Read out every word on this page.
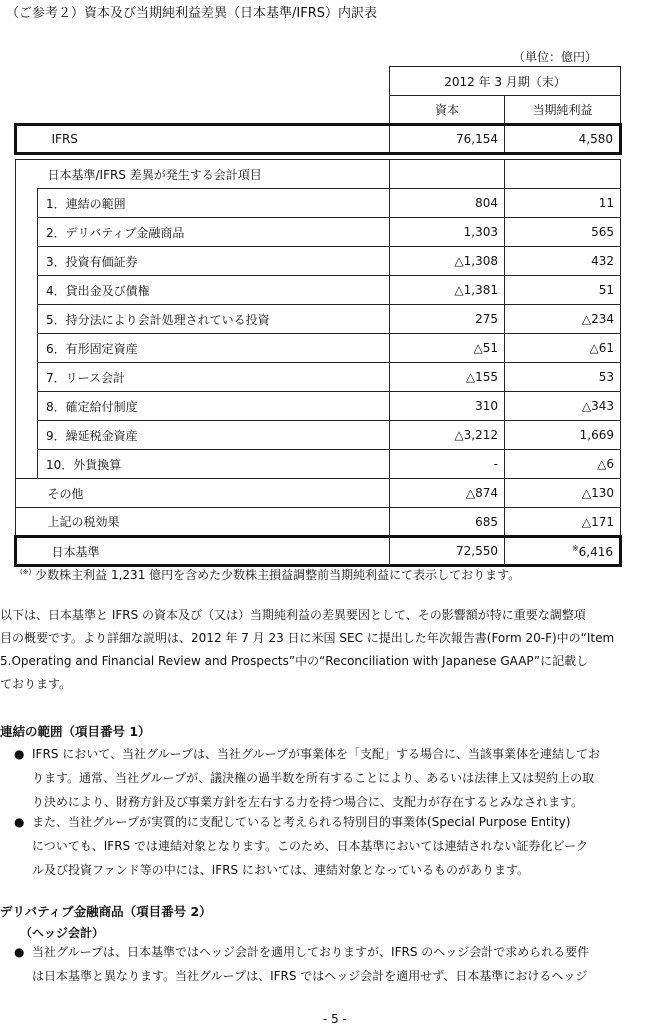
（ご参考２）資本及び当期純利益差異（日本基準/IFRS）内訳表
（単位：億円）
		2012 年 3 月期（末）	
		資本	当期純利益
	IFRS	76,154	4,580

	日本基準/IFRS 差異が発生する会計項目		
	1．連結の範囲	804	11
	2．デリバティブ金融商品	1,303	565
	3．投資有価証券	△1,308	432
	4．貸出金及び債権	△1,381	51
	5．持分法により会計処理されている投資	275	△234
	6．有形固定資産	△51	△61
	7．リース会計	△155	53
	8．確定給付制度	310	△343
	9．繰延税金資産	△3,212	1,669
	10．外貨換算	-	△6
	その他	△874	△130
	上記の税効果	685	△171
	日本基準	72,550	※6,416
(※) 少数株主利益 1,231 億円を含めた少数株主損益調整前当期純利益にて表示しております。
以下は、日本基準と IFRS の資本及び（又は）当期純利益の差異要因として、その影響額が特に重要な調整項
目の概要です。より詳細な説明は、2012 年 7 月 23 日に米国 SEC に提出した年次報告書(Form 20-F)中の“Item
5.Operating and Financial Review and Prospects”中の“Reconciliation with Japanese GAAP”に記載し
ております。
連結の範囲（項目番号 1）
● IFRS において、当社グループは、当社グループが事業体を「支配」する場合に、当該事業体を連結してお
ります。通常、当社グループが、議決権の過半数を所有することにより、あるいは法律上又は契約上の取
り決めにより、財務方針及び事業方針を左右する力を持つ場合に、支配力が存在するとみなされます。
● また、当社グループが実質的に支配していると考えられる特別目的事業体(Special Purpose Entity)
についても、IFRS では連結対象となります。このため、日本基準においては連結されない証券化ビーク
ル及び投資ファンド等の中には、IFRS においては、連結対象となっているものがあります。
デリバティブ金融商品（項目番号 2）
（ヘッジ会計）
● 当社グループは、日本基準ではヘッジ会計を適用しておりますが、IFRS のヘッジ会計で求められる要件
は日本基準と異なります。当社グループは、IFRS ではヘッジ会計を適用せず、日本基準におけるヘッジ
- 5 -
